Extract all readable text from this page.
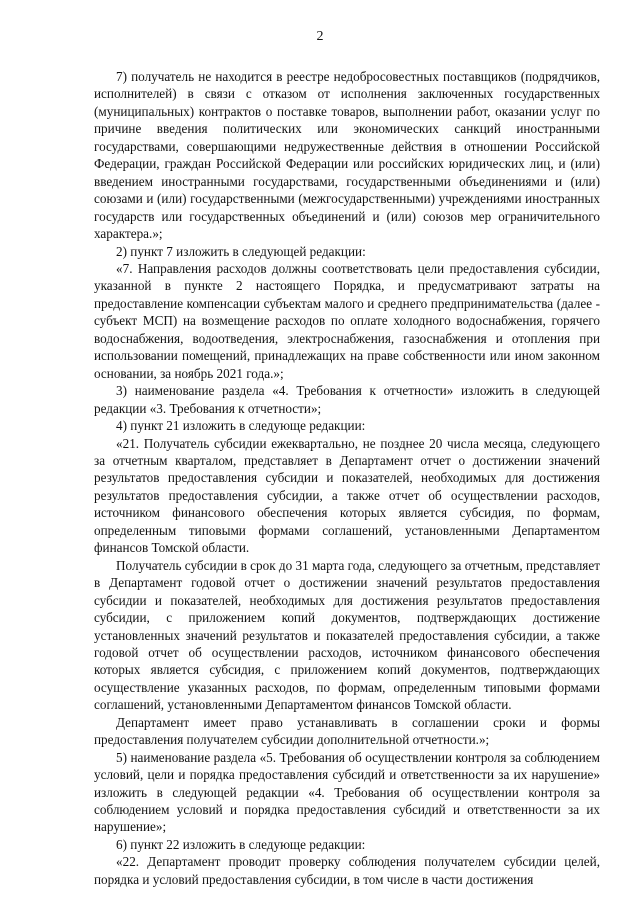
2

7) получатель не находится в реестре недобросовестных поставщиков (подрядчиков, исполнителей) в связи с отказом от исполнения заключенных государственных (муниципальных) контрактов о поставке товаров, выполнении работ, оказании услуг по причине введения политических или экономических санкций иностранными государствами, совершающими недружественные действия в отношении Российской Федерации, граждан Российской Федерации или российских юридических лиц, и (или) введением иностранными государствами, государственными объединениями и (или) союзами и (или) государственными (межгосударственными) учреждениями иностранных государств или государственных объединений и (или) союзов мер ограничительного характера.»;

2) пункт 7 изложить в следующей редакции:

«7. Направления расходов должны соответствовать цели предоставления субсидии, указанной в пункте 2 настоящего Порядка, и предусматривают затраты на предоставление компенсации субъектам малого и среднего предпринимательства (далее - субъект МСП) на возмещение расходов по оплате холодного водоснабжения, горячего водоснабжения, водоотведения, электроснабжения, газоснабжения и отопления при использовании помещений, принадлежащих на праве собственности или ином законном основании, за ноябрь 2021 года.»;

3) наименование раздела «4. Требования к отчетности» изложить в следующей редакции «3. Требования к отчетности»;

4) пункт 21 изложить в следующе редакции:

«21. Получатель субсидии ежеквартально, не позднее 20 числа месяца, следующего за отчетным кварталом, представляет в Департамент отчет о достижении значений результатов предоставления субсидии и показателей, необходимых для достижения результатов предоставления субсидии, а также отчет об осуществлении расходов, источником финансового обеспечения которых является субсидия, по формам, определенным типовыми формами соглашений, установленными Департаментом финансов Томской области.

Получатель субсидии в срок до 31 марта года, следующего за отчетным, представляет в Департамент годовой отчет о достижении значений результатов предоставления субсидии и показателей, необходимых для достижения результатов предоставления субсидии, с приложением копий документов, подтверждающих достижение установленных значений результатов и показателей предоставления субсидии, а также годовой отчет об осуществлении расходов, источником финансового обеспечения которых является субсидия, с приложением копий документов, подтверждающих осуществление указанных расходов, по формам, определенным типовыми формами соглашений, установленными Департаментом финансов Томской области.

Департамент имеет право устанавливать в соглашении сроки и формы предоставления получателем субсидии дополнительной отчетности.»;

5) наименование раздела «5. Требования об осуществлении контроля за соблюдением условий, цели и порядка предоставления субсидий и ответственности за их нарушение» изложить в следующей редакции «4. Требования об осуществлении контроля за соблюдением условий и порядка предоставления субсидий и ответственности за их нарушение»;

6) пункт 22 изложить в следующе редакции:

«22. Департамент проводит проверку соблюдения получателем субсидии целей, порядка и условий предоставления субсидии, в том числе в части достижения
